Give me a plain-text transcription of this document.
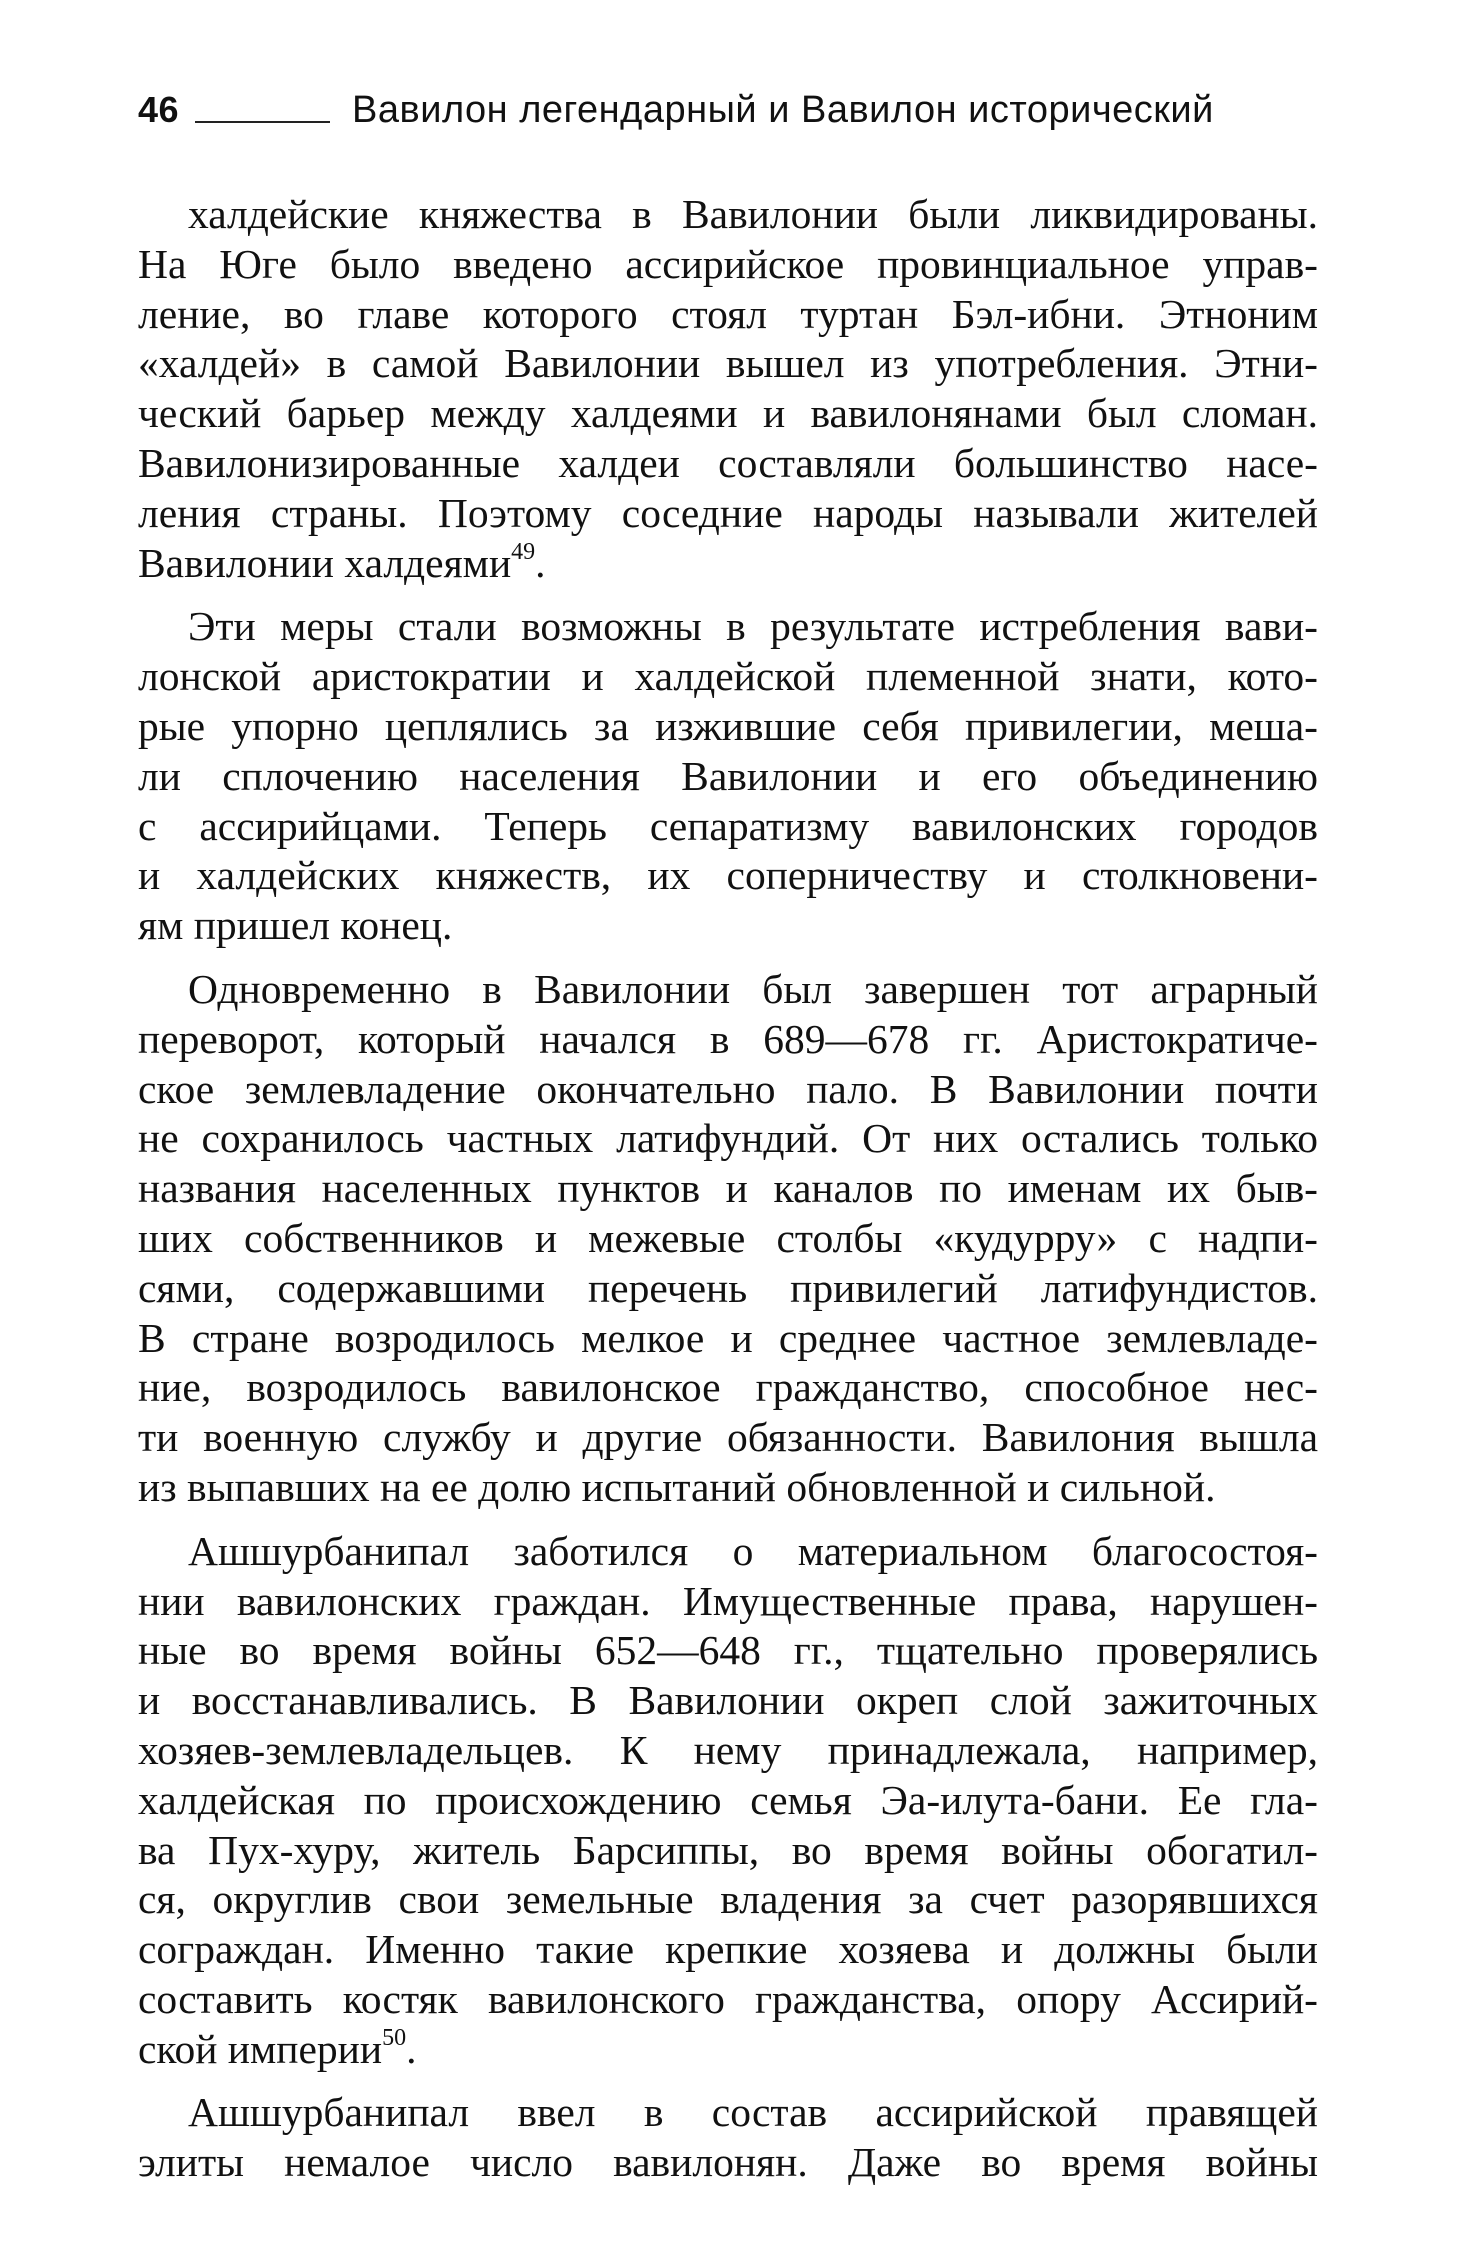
46	Вавилон легендарный и Вавилон исторический
халдейские княжества в Вавилонии были ликвидированы.
На Юге было введено ассирийское провинциальное управ-
ление, во главе которого стоял туртан Бэл-ибни. Этноним
«халдей» в самой Вавилонии вышел из употребления. Этни-
ческий барьер между халдеями и вавилонянами был сломан.
Вавилонизированные халдеи составляли большинство насе-
ления страны. Поэтому соседние народы называли жителей
Вавилонии халдеями$^{49}$.
Эти меры стали возможны в результате истребления вави-
лонской аристократии и халдейской племенной знати, кото-
рые упорно цеплялись за изжившие себя привилегии, меша-
ли сплочению населения Вавилонии и его объединению
с ассирийцами. Теперь сепаратизму вавилонских городов
и халдейских княжеств, их соперничеству и столкновени-
ям пришел конец.
Одновременно в Вавилонии был завершен тот аграрный
переворот, который начался в 689—678 гг. Аристократиче-
ское землевладение окончательно пало. В Вавилонии почти
не сохранилось частных латифундий. От них остались только
названия населенных пунктов и каналов по именам их быв-
ших собственников и межевые столбы «кудурру» с надпи-
сями, содержавшими перечень привилегий латифундистов.
В стране возродилось мелкое и среднее частное землевладе-
ние, возродилось вавилонское гражданство, способное нес-
ти военную службу и другие обязанности. Вавилония вышла
из выпавших на ее долю испытаний обновленной и сильной.
Ашшурбанипал заботился о материальном благосостоя-
нии вавилонских граждан. Имущественные права, нарушен-
ные во время войны 652—648 гг., тщательно проверялись
и восстанавливались. В Вавилонии окреп слой зажиточных
хозяев-землевладельцев. К нему принадлежала, например,
халдейская по происхождению семья Эа-илута-бани. Ее гла-
ва Пух-хуру, житель Барсиппы, во время войны обогатил-
ся, округлив свои земельные владения за счет разорявшихся
сограждан. Именно такие крепкие хозяева и должны были
составить костяк вавилонского гражданства, опору Ассирий-
ской империи$^{50}$.
Ашшурбанипал ввел в состав ассирийской правящей
элиты немалое число вавилонян. Даже во время войны
